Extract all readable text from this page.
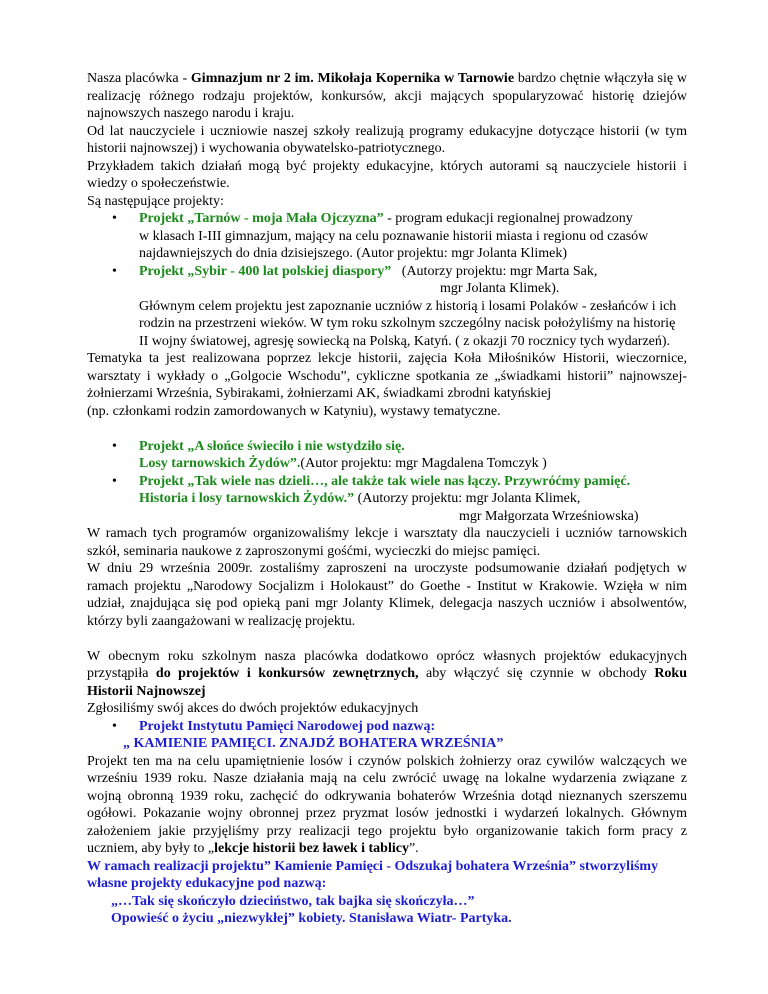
Nasza placówka - Gimnazjum nr 2 im. Mikołaja Kopernika w Tarnowie bardzo chętnie włączyła się w realizację różnego rodzaju projektów, konkursów, akcji mających spopularyzować historię dziejów najnowszych naszego narodu i kraju.

Od lat nauczyciele i uczniowie naszej szkoły realizują programy edukacyjne dotyczące historii (w tym historii najnowszej) i wychowania obywatelsko-patriotycznego.

Przykładem takich działań mogą być projekty edukacyjne, których autorami są nauczyciele historii i wiedzy o społeczeństwie.

Są następujące projekty:

• Projekt „Tarnów - moja Mała Ojczyzna” - program edukacji regionalnej prowadzony
w klasach I-III gimnazjum, mający na celu poznawanie historii miasta i regionu od czasów
najdawniejszych do dnia dzisiejszego. (Autor projektu: mgr Jolanta Klimek)
• Projekt „Sybir - 400 lat polskiej diaspory”   (Autorzy projektu: mgr Marta Sak,
mgr Jolanta Klimek).

Głównym celem projektu jest zapoznanie uczniów z historią i losami Polaków - zesłańców i ich rodzin na przestrzeni wieków. W tym roku szkolnym szczególny nacisk położyliśmy na historię II wojny światowej, agresję sowiecką na Polską, Katyń. ( z okazji 70 rocznicy tych wydarzeń).

Tematyka ta jest realizowana poprzez lekcje historii, zajęcia Koła Miłośników Historii, wieczornice, warsztaty i wykłady o „Golgocie Wschodu”, cykliczne spotkania ze „świadkami historii” najnowszej- żołnierzami Września, Sybirakami, żołnierzami AK, świadkami zbrodni katyńskiej

(np. członkami rodzin zamordowanych w Katyniu), wystawy tematyczne.

• Projekt „A słońce świeciło i nie wstydziło się.
Losy tarnowskich Żydów”.(Autor projektu: mgr Magdalena Tomczyk )
• Projekt „Tak wiele nas dzieli…, ale także tak wiele nas łączy. Przywróćmy pamięć.
Historia i losy tarnowskich Żydów.” (Autorzy projektu: mgr Jolanta Klimek,
mgr Małgorzata Wrześniowska)

W ramach tych programów organizowaliśmy lekcje i warsztaty dla nauczycieli i uczniów tarnowskich szkół, seminaria naukowe z zaproszonymi gośćmi, wycieczki do miejsc pamięci.

W dniu 29 września 2009r. zostaliśmy zaproszeni na uroczyste podsumowanie działań podjętych w ramach projektu „Narodowy Socjalizm i Holokaust” do Goethe - Institut w Krakowie. Wzięła w nim udział, znajdująca się pod opieką pani mgr Jolanty Klimek, delegacja naszych uczniów i absolwentów, którzy byli zaangażowani w realizację projektu.

W obecnym roku szkolnym nasza placówka dodatkowo oprócz własnych projektów edukacyjnych przystąpiła do projektów i konkursów zewnętrznych, aby włączyć się czynnie w obchody Roku Historii Najnowszej

Zgłosiliśmy swój akces do dwóch projektów edukacyjnych

• Projekt Instytutu Pamięci Narodowej pod nazwą:
„ KAMIENIE PAMIĘCI. ZNAJDŹ BOHATERA WRZEŚNIA”

Projekt ten ma na celu upamiętnienie losów i czynów polskich żołnierzy oraz cywilów walczących we wrześniu 1939 roku. Nasze działania mają na celu zwrócić uwagę na lokalne wydarzenia związane z wojną obronną 1939 roku, zachęcić do odkrywania bohaterów Września dotąd nieznanych szerszemu ogółowi. Pokazanie wojny obronnej przez pryzmat losów jednostki i wydarzeń lokalnych. Głównym założeniem jakie przyjęliśmy przy realizacji tego projektu było organizowanie takich form pracy z uczniem, aby były to „lekcje historii bez ławek i tablicy”.

W ramach realizacji projektu” Kamienie Pamięci - Odszukaj bohatera Września” stworzyliśmy własne projekty edukacyjne pod nazwą:

„…Tak się skończyło dzieciństwo, tak bajka się skończyła…”

Opowieść o życiu „niezwykłej” kobiety. Stanisława Wiatr- Partyka.
